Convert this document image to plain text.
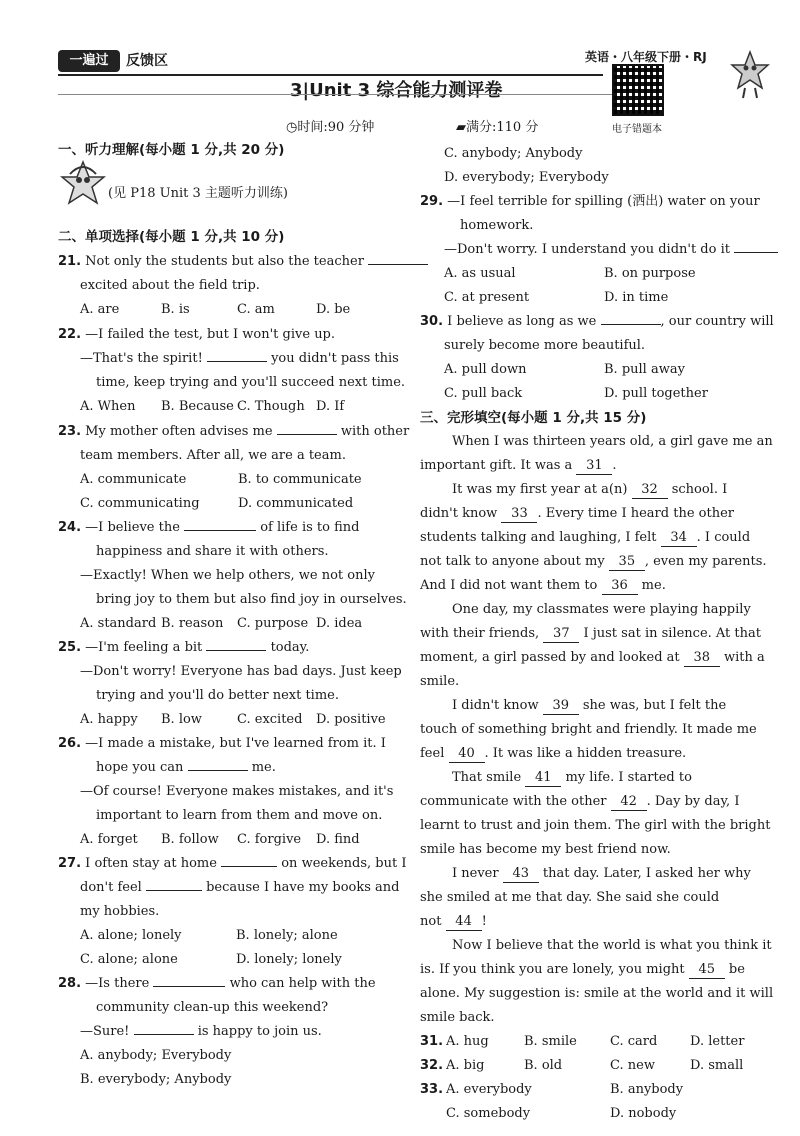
一遍过	反馈区	英语・八年级下册・RJ
3|Unit 3 综合能力测评卷
电子错题本
◷时间:90 分钟	▰满分:110 分
一、听力理解(每小题 1 分,共 20 分)
(见 P18 Unit 3 主题听力训练)
二、单项选择(每小题 1 分,共 10 分)
21. Not only the students but also the teacher
excited about the field trip.
A. are	B. is	C. am	D. be
22. —I failed the test, but I won't give up.
—That's the spirit!	you didn't pass this
time, keep trying and you'll succeed next time.
A. When B. Because C. Though D. If
23. My mother often advises me	with other
team members. After all, we are a team.
A. communicate	B. to communicate
C. communicating	D. communicated
24. —I believe the	of life is to find
happiness and share it with others.
—Exactly! When we help others, we not only
bring joy to them but also find joy in ourselves.
A. standard B. reason C. purpose D. idea
25. —I'm feeling a bit	today.
—Don't worry! Everyone has bad days. Just keep
trying and you'll do better next time.
A. happy B. low	C. excited D. positive
26. —I made a mistake, but I've learned from it. I
hope you can	me.
—Of course! Everyone makes mistakes, and it's
important to learn from them and move on.
A. forget B. follow C. forgive D. find
27. I often stay at home	on weekends, but I
don't feel	because I have my books and
my hobbies.
A. alone; lonely	B. lonely; alone
C. alone; alone	D. lonely; lonely
28. —Is there	who can help with the
community clean-up this weekend?
—Sure!	is happy to join us.
A. anybody; Everybody
B. everybody; Anybody
C. anybody; Anybody
D. everybody; Everybody
29. —I feel terrible for spilling (洒出) water on your
homework.
—Don't worry. I understand you didn't do it
A. as usual	B. on purpose
C. at present	D. in time
30. I believe as long as we	, our country will
surely become more beautiful.
A. pull down	B. pull away
C. pull back	D. pull together
三、完形填空(每小题 1 分,共 15 分)
When I was thirteen years old, a girl gave me an
important gift. It was a 31 .
It was my first year at a(n) 32 school. I
didn't know 33 . Every time I heard the other
students talking and laughing, I felt 34 . I could
not talk to anyone about my 35 , even my parents.
And I did not want them to 36 me.
One day, my classmates were playing happily
with their friends, 37 I just sat in silence. At that
moment, a girl passed by and looked at 38 with a
smile.
I didn't know 39 she was, but I felt the
touch of something bright and friendly. It made me
feel 40 . It was like a hidden treasure.
That smile 41 my life. I started to
communicate with the other 42 . Day by day, I
learnt to trust and join them. The girl with the bright
smile has become my best friend now.
I never 43 that day. Later, I asked her why
she smiled at me that day. She said she could
not 44 !
Now I believe that the world is what you think it
is. If you think you are lonely, you might 45 be
alone. My suggestion is: smile at the world and it will
smile back.
31. A. hug	B. smile	C. card	D. letter
32. A. big	B. old	C. new	D. small
33. A. everybody	B. anybody
C. somebody	D. nobody
